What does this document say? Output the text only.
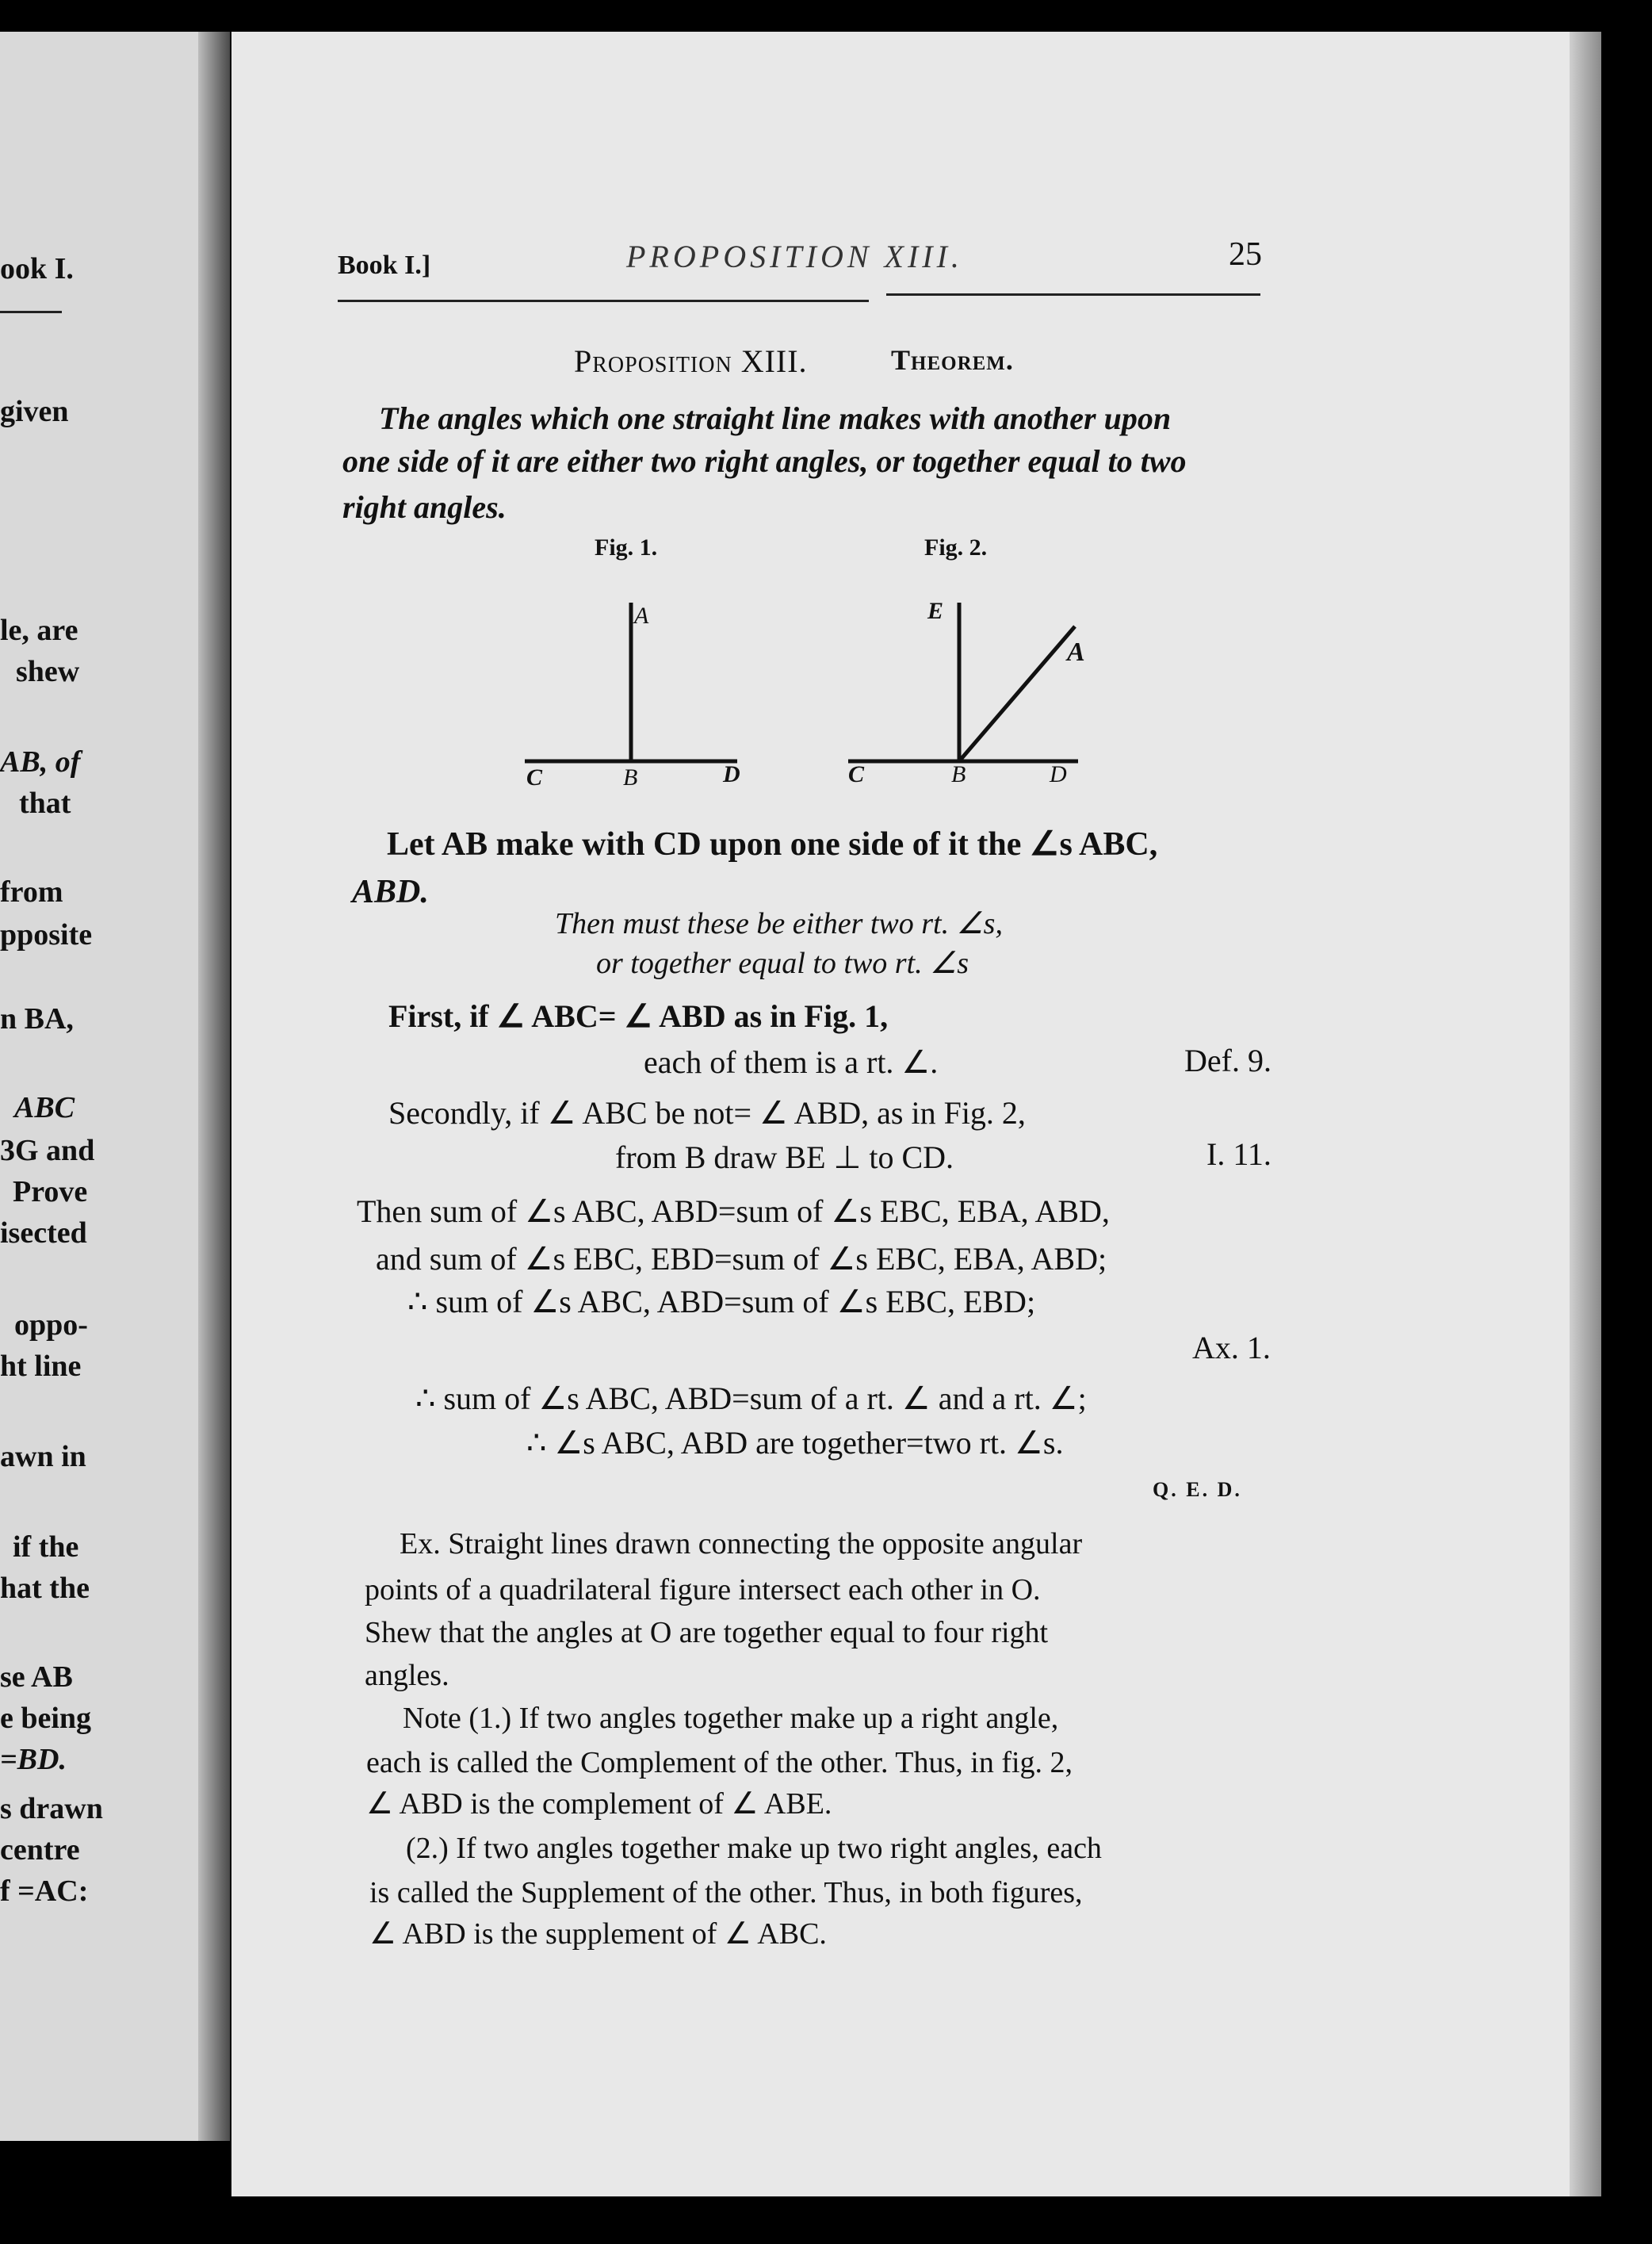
ook I.
given
le, are
shew
AB, of
that
from
pposite
n BA,
ABC
3G and
Prove
isected
oppo-
ht line
awn in
if the
hat the
se AB
e being
=BD.
s drawn
centre
f =AC:
Book I.]	PROPOSITION XIII.	25
Proposition XIII.	Theorem.
The angles which one straight line makes with another upon
one side of it are either two right angles, or together equal to two
right angles.
Fig. 1.
A
C	B	D
Fig. 2.
E
A
C	B	D
Let AB make with CD upon one side of it the ∠s ABC,
ABD.
Then must these be either two rt. ∠s,
or together equal to two rt. ∠s
First, if ∠ ABC= ∠ ABD as in Fig. 1,
each of them is a rt. ∠.	Def. 9.
Secondly, if ∠ ABC be not= ∠ ABD, as in Fig. 2,
from B draw BE ⊥ to CD.	I. 11.
Then sum of ∠s ABC, ABD=sum of ∠s EBC, EBA, ABD,
and sum of ∠s EBC, EBD=sum of ∠s EBC, EBA, ABD;
∴ sum of ∠s ABC, ABD=sum of ∠s EBC, EBD;
Ax. 1.
∴ sum of ∠s ABC, ABD=sum of a rt. ∠ and a rt. ∠;
∴ ∠s ABC, ABD are together=two rt. ∠s.
Q. E. D.
Ex. Straight lines drawn connecting the opposite angular
points of a quadrilateral figure intersect each other in O.
Shew that the angles at O are together equal to four right
angles.
Note (1.) If two angles together make up a right angle,
each is called the Complement of the other. Thus, in fig. 2,
∠ ABD is the complement of ∠ ABE.
(2.) If two angles together make up two right angles, each
is called the Supplement of the other. Thus, in both figures,
∠ ABD is the supplement of ∠ ABC.
